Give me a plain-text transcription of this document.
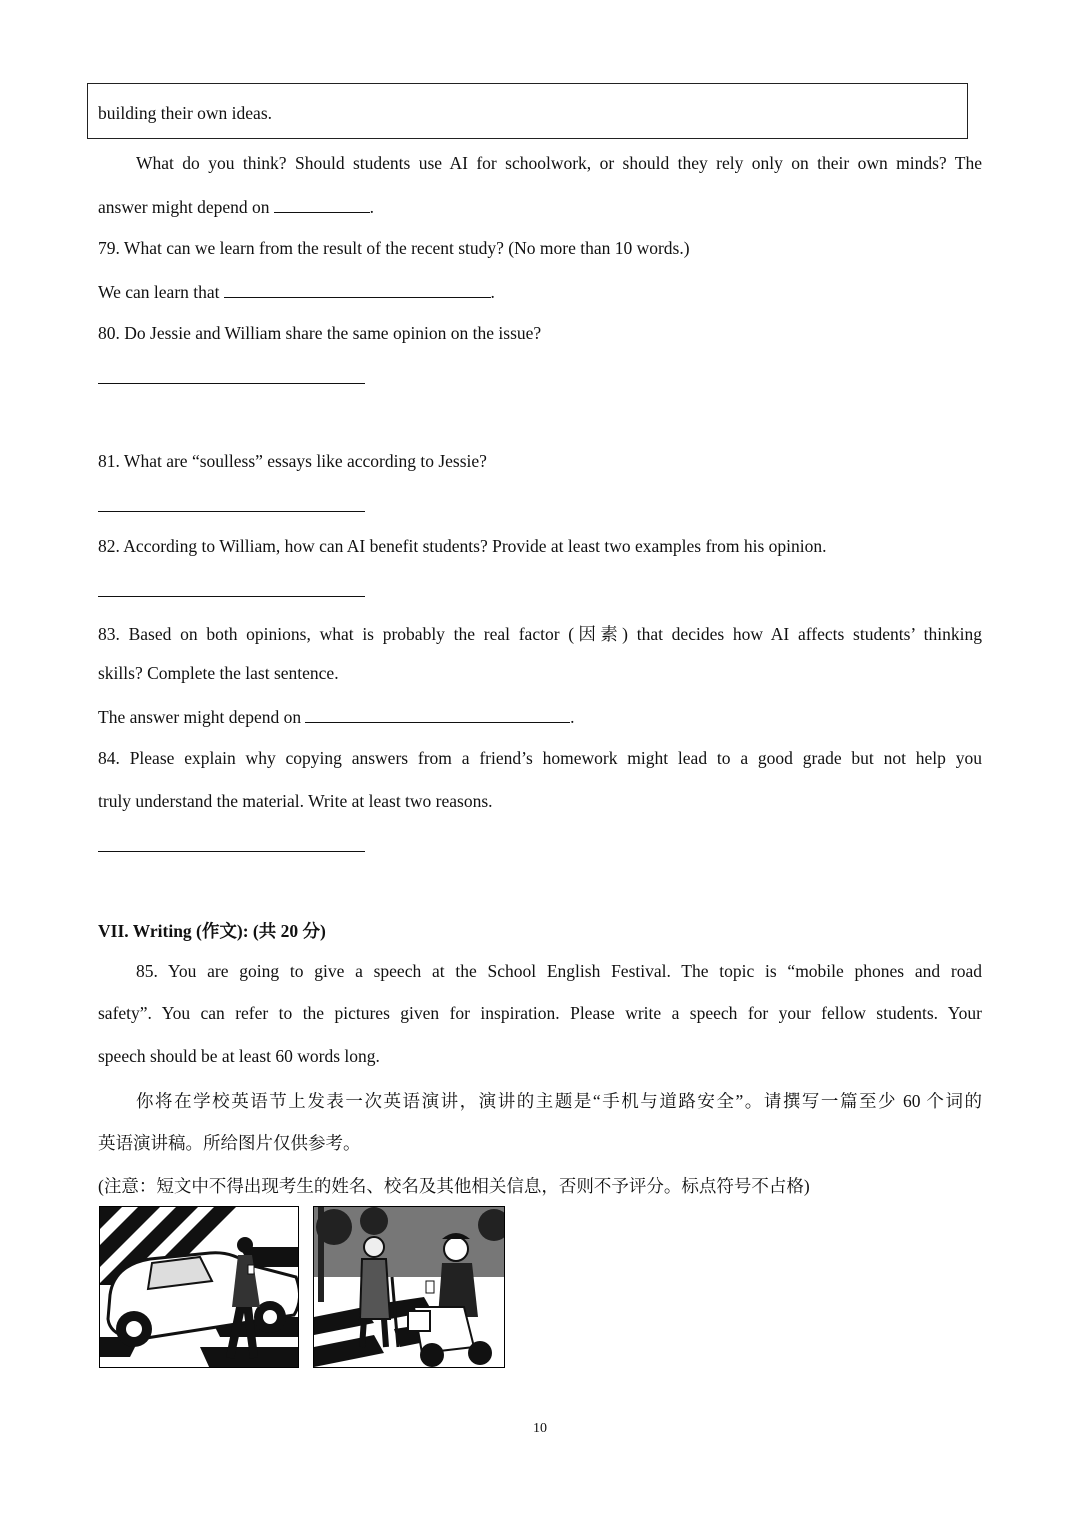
building their own ideas.
What do you think? Should students use AI for schoolwork, or should they rely only on their own minds? The
answer might depend on	.
79. What can we learn from the result of the recent study? (No more than 10 words.)
We can learn that	.
80. Do Jessie and William share the same opinion on the issue?
81. What are “soulless” essays like according to Jessie?
82. According to William, how can AI benefit students? Provide at least two examples from his opinion.
83. Based on both opinions, what is probably the real factor (因素) that decides how AI affects students’ thinking
skills? Complete the last sentence.
The answer might depend on	.
84. Please explain why copying answers from a friend’s homework might lead to a good grade but not help you
truly understand the material. Write at least two reasons.
VII. Writing (作文): (共 20 分)
85. You are going to give a speech at the School English Festival. The topic is “mobile phones and road
safety”. You can refer to the pictures given for inspiration. Please write a speech for your fellow students. Your
speech should be at least 60 words long.
你将在学校英语节上发表一次英语演讲，演讲的主题是“手机与道路安全”。请撰写一篇至少 60 个词的
英语演讲稿。所给图片仅供参考。
(注意：短文中不得出现考生的姓名、校名及其他相关信息，否则不予评分。标点符号不占格)
10
